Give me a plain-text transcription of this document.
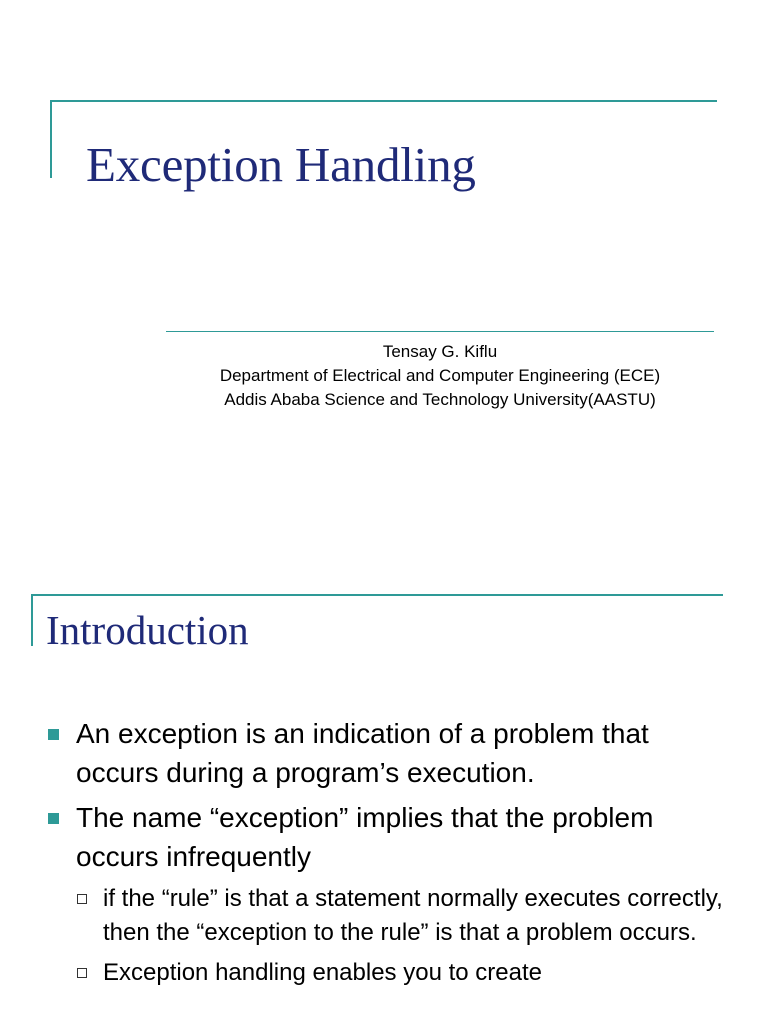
Exception Handling
Tensay G. Kiflu
Department of Electrical and Computer Engineering (ECE)
Addis Ababa Science and Technology University(AASTU)
Introduction
An exception is an indication of a problem that occurs during a program’s execution.
The name “exception” implies that the problem occurs infrequently
if the “rule” is that a statement normally executes correctly, then the “exception to the rule” is that a problem occurs.
Exception handling enables you to create
